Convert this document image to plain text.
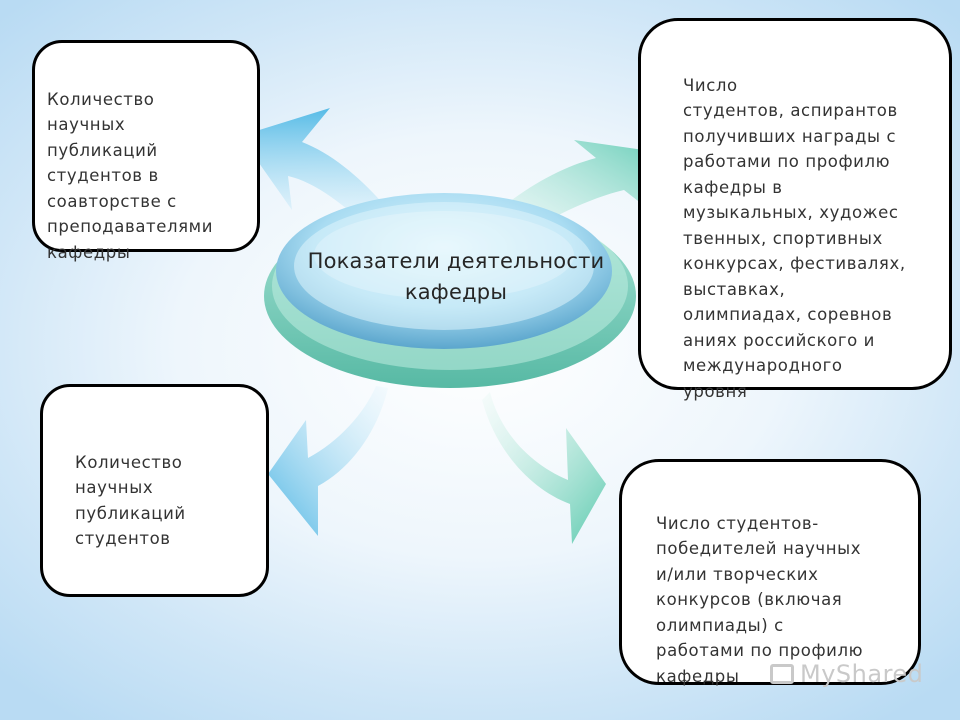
Показатели деятельности
кафедры

Количество
научных
публикаций
студентов в
соавторстве с
преподавателями
кафедры

Число
студентов, аспирантов
получивших награды с
работами по профилю
кафедры в
музыкальных, художес
твенных, спортивных
конкурсах, фестивалях,
выставках,
олимпиадах, соревнов
аниях российского и
международного
уровня

Количество
научных
публикаций
студентов

Число студентов-
победителей научных
и/или творческих
конкурсов (включая
олимпиады) с
работами по профилю
кафедры	MyShared
